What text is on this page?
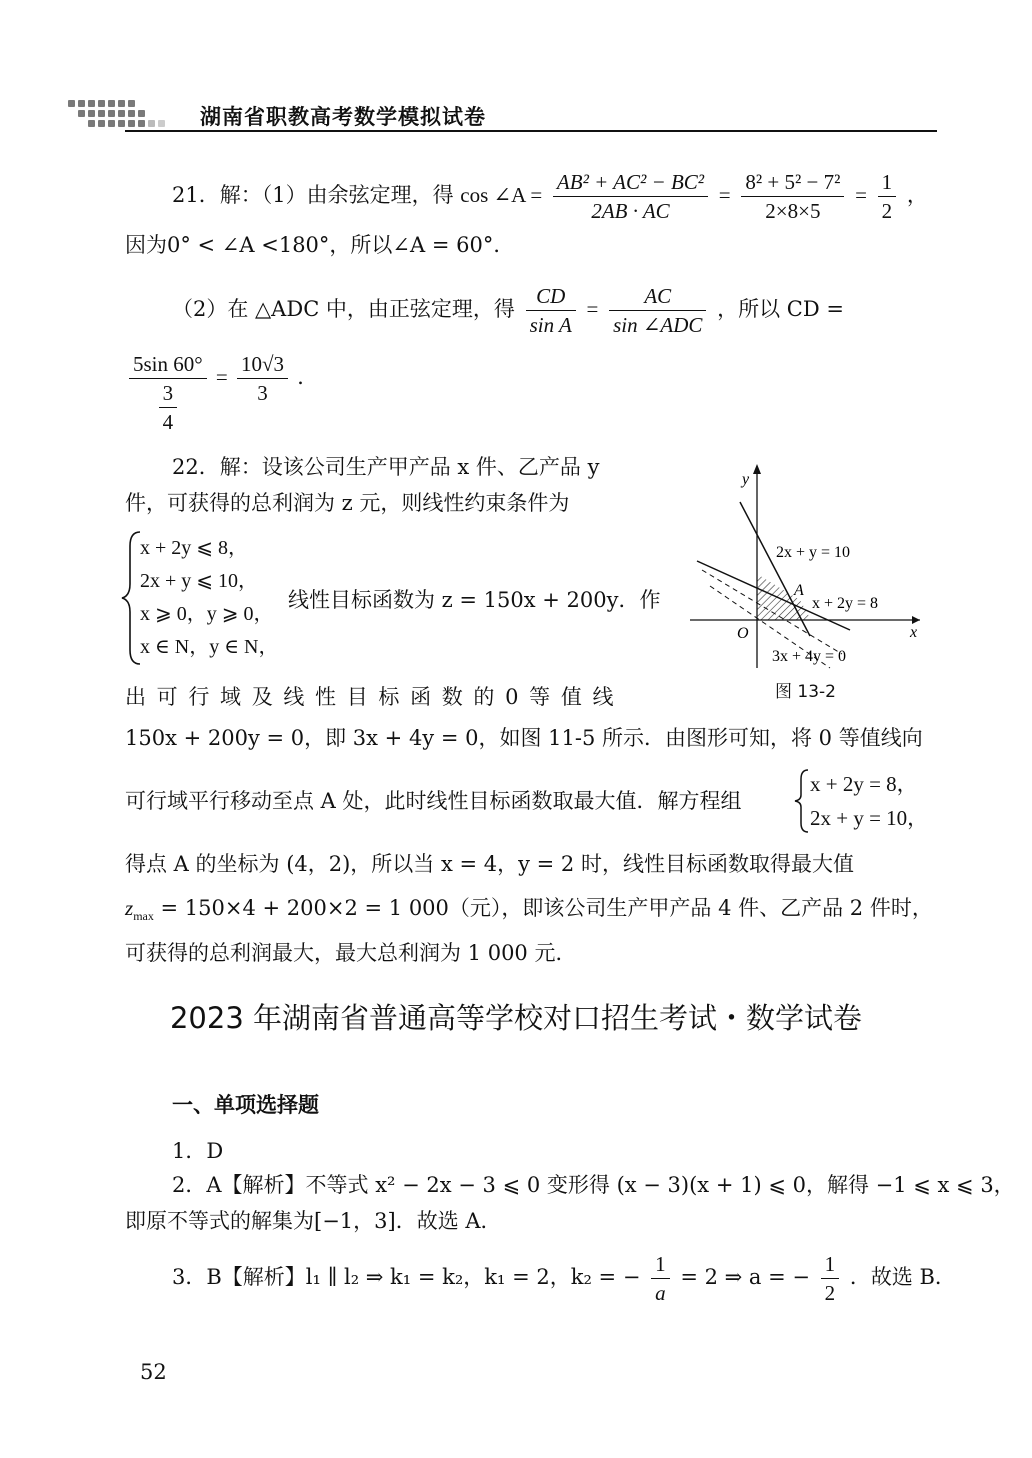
湖南省职教高考数学模拟试卷
21．解：（1）由余弦定理，得 cos ∠A = $\frac{\text{AB² + AC² − BC²}}{2AB \cdot AC} = \frac{\text{8² + 5² − 7²}}{2\times 8\times 5} = \frac{1}{2}$ ，
因为0° < ∠A <180°，所以∠A = 60°．
（2）在 △ADC 中，由正弦定理，得 $\frac{CD}{\text{sin A}} = \frac{AC}{\text{sin ∠ADC}}$ ，所以 CD =
$\frac{5\sin 60^\circ}{\frac{3}{4}} = \frac{10√3}{3}$ ．
22．解：设该公司生产甲产品 x 件、乙产品 y
件，可获得的总利润为 z 元，则线性约束条件为
x + 2y ⩽ 8，
2x + y ⩽ 10，
x ⩾ 0，y ⩾ 0，
x ∈ N，y ∈ N，
线性目标函数为 z = 150x + 200y．作
y
x
O
A
2x + y = 10
x + 2y = 8
3x + 4y = 0
图 13-2
出 可 行 域 及 线 性 目 标 函 数 的 0 等 值 线
150x + 200y = 0，即 3x + 4y = 0，如图 11-5 所示．由图形可知，将 0 等值线向
可行域平行移动至点 A 处，此时线性目标函数取最大值．解方程组
x + 2y = 8，
2x + y = 10，
得点 A 的坐标为 (4，2)，所以当 x = 4，y = 2 时，线性目标函数取得最大值
$z_{max} = 150\times 4 + 200\times 2 = 1$ 000（元），即该公司生产甲产品 4 件、乙产品 2 件时，
可获得的总利润最大，最大总利润为 1 000 元．
2023 年湖南省普通高等学校对口招生考试・数学试卷
一、单项选择题
1．D
2．A【解析】不等式 x² − 2x − 3 ⩽ 0 变形得 (x − 3)(x + 1) ⩽ 0，解得 −1 ⩽ x ⩽ 3，
即原不等式的解集为[−1，3]．故选 A．
3．B【解析】l₁ ∥ l₂ ⇒ k₁ = k₂，k₁ = 2，k₂ = − $\frac{1}{a} = 2$ ⇒ a = − $\frac{1}{2}$ ．故选 B．
52
